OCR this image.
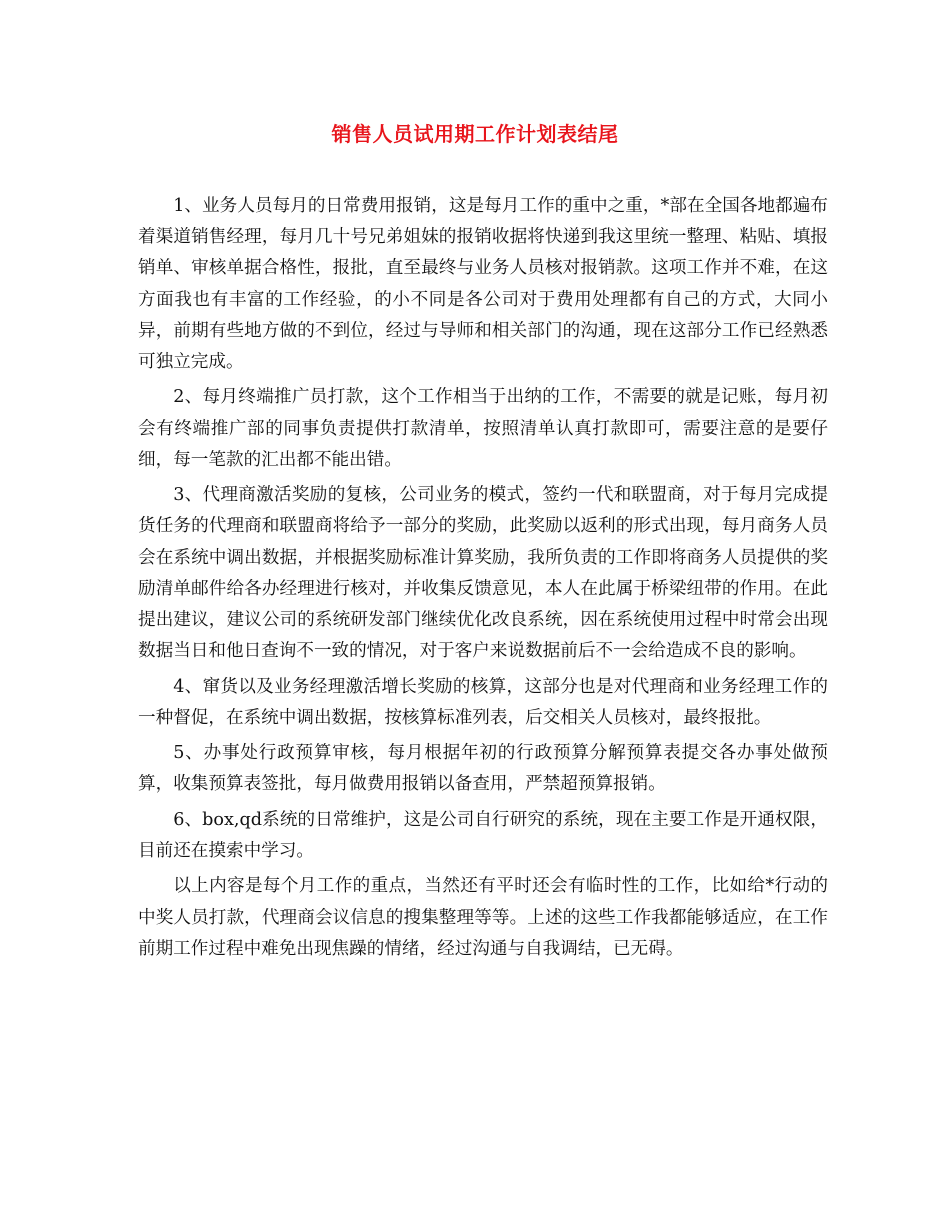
销售人员试用期工作计划表结尾

1、业务人员每月的日常费用报销，这是每月工作的重中之重，*部在全国各地都遍布着渠道销售经理，每月几十号兄弟姐妹的报销收据将快递到我这里统一整理、粘贴、填报销单、审核单据合格性，报批，直至最终与业务人员核对报销款。这项工作并不难，在这方面我也有丰富的工作经验，的小不同是各公司对于费用处理都有自己的方式，大同小异，前期有些地方做的不到位，经过与导师和相关部门的沟通，现在这部分工作已经熟悉可独立完成。

2、每月终端推广员打款，这个工作相当于出纳的工作，不需要的就是记账，每月初会有终端推广部的同事负责提供打款清单，按照清单认真打款即可，需要注意的是要仔细，每一笔款的汇出都不能出错。

3、代理商激活奖励的复核，公司业务的模式，签约一代和联盟商，对于每月完成提货任务的代理商和联盟商将给予一部分的奖励，此奖励以返利的形式出现，每月商务人员会在系统中调出数据，并根据奖励标准计算奖励，我所负责的工作即将商务人员提供的奖励清单邮件给各办经理进行核对，并收集反馈意见，本人在此属于桥梁纽带的作用。在此提出建议，建议公司的系统研发部门继续优化改良系统，因在系统使用过程中时常会出现数据当日和他日查询不一致的情况，对于客户来说数据前后不一会给造成不良的影响。

4、窜货以及业务经理激活增长奖励的核算，这部分也是对代理商和业务经理工作的一种督促，在系统中调出数据，按核算标准列表，后交相关人员核对，最终报批。

5、办事处行政预算审核，每月根据年初的行政预算分解预算表提交各办事处做预算，收集预算表签批，每月做费用报销以备查用，严禁超预算报销。

6、box,qd系统的日常维护，这是公司自行研究的系统，现在主要工作是开通权限，目前还在摸索中学习。

以上内容是每个月工作的重点，当然还有平时还会有临时性的工作，比如给*行动的中奖人员打款，代理商会议信息的搜集整理等等。上述的这些工作我都能够适应，在工作前期工作过程中难免出现焦躁的情绪，经过沟通与自我调结，已无碍。
